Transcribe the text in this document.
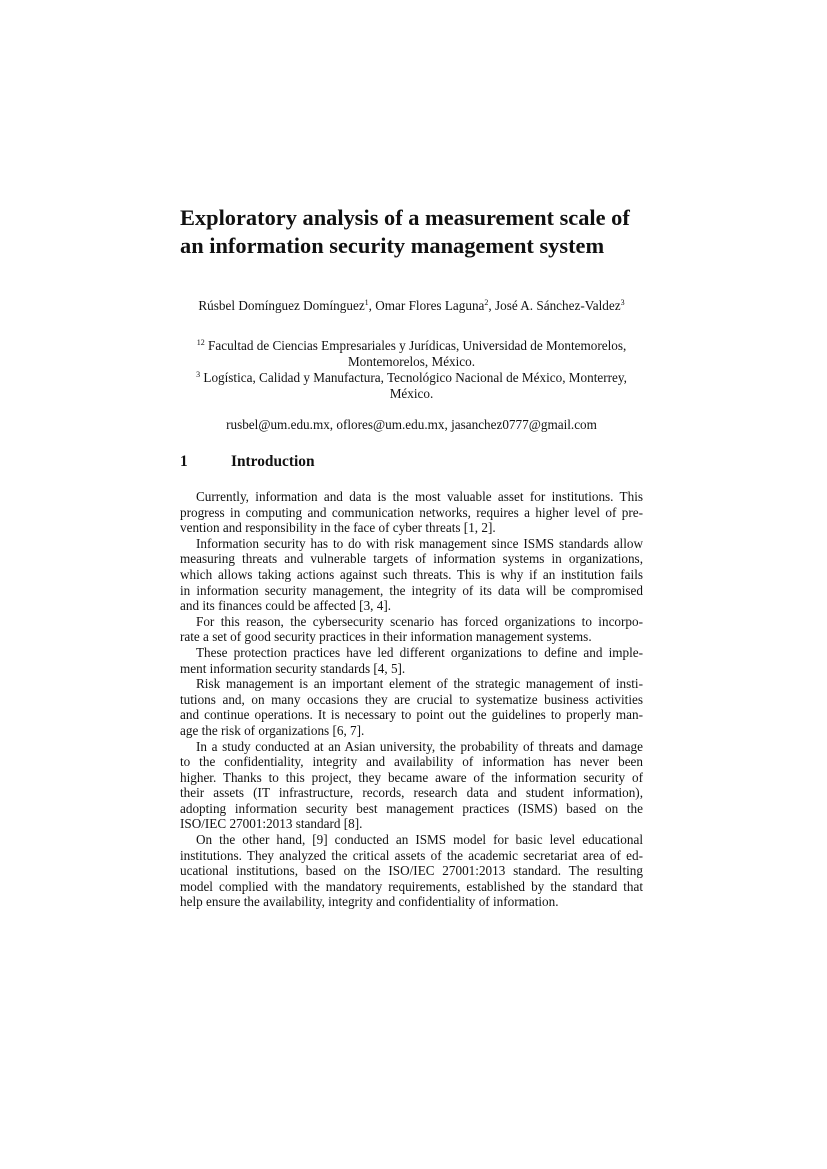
Exploratory analysis of a measurement scale of
an information security management system
Rúsbel Domínguez Domínguez$^1$, Omar Flores Laguna$^2$, José A. Sánchez-Valdez$^3$
$^{12}$ Facultad de Ciencias Empresariales y Jurídicas, Universidad de Montemorelos,
Montemorelos, México.
$^3$ Logística, Calidad y Manufactura, Tecnológico Nacional de México, Monterrey,
México.
rusbel@um.edu.mx, oflores@um.edu.mx, jasanchez0777@gmail.com
1	Introduction

Currently, information and data is the most valuable asset for institutions. This
progress in computing and communication networks, requires a higher level of pre-
vention and responsibility in the face of cyber threats [1, 2].

Information security has to do with risk management since ISMS standards allow
measuring threats and vulnerable targets of information systems in organizations,
which allows taking actions against such threats. This is why if an institution fails
in information security management, the integrity of its data will be compromised
and its finances could be affected [3, 4].

For this reason, the cybersecurity scenario has forced organizations to incorpo-
rate a set of good security practices in their information management systems.

These protection practices have led different organizations to define and imple-
ment information security standards [4, 5].

Risk management is an important element of the strategic management of insti-
tutions and, on many occasions they are crucial to systematize business activities
and continue operations. It is necessary to point out the guidelines to properly man-
age the risk of organizations [6, 7].

In a study conducted at an Asian university, the probability of threats and damage
to the confidentiality, integrity and availability of information has never been
higher. Thanks to this project, they became aware of the information security of
their assets (IT infrastructure, records, research data and student information),
adopting information security best management practices (ISMS) based on the
ISO/IEC 27001:2013 standard [8].

On the other hand, [9] conducted an ISMS model for basic level educational
institutions. They analyzed the critical assets of the academic secretariat area of ed-
ucational institutions, based on the ISO/IEC 27001:2013 standard. The resulting
model complied with the mandatory requirements, established by the standard that
help ensure the availability, integrity and confidentiality of information.
